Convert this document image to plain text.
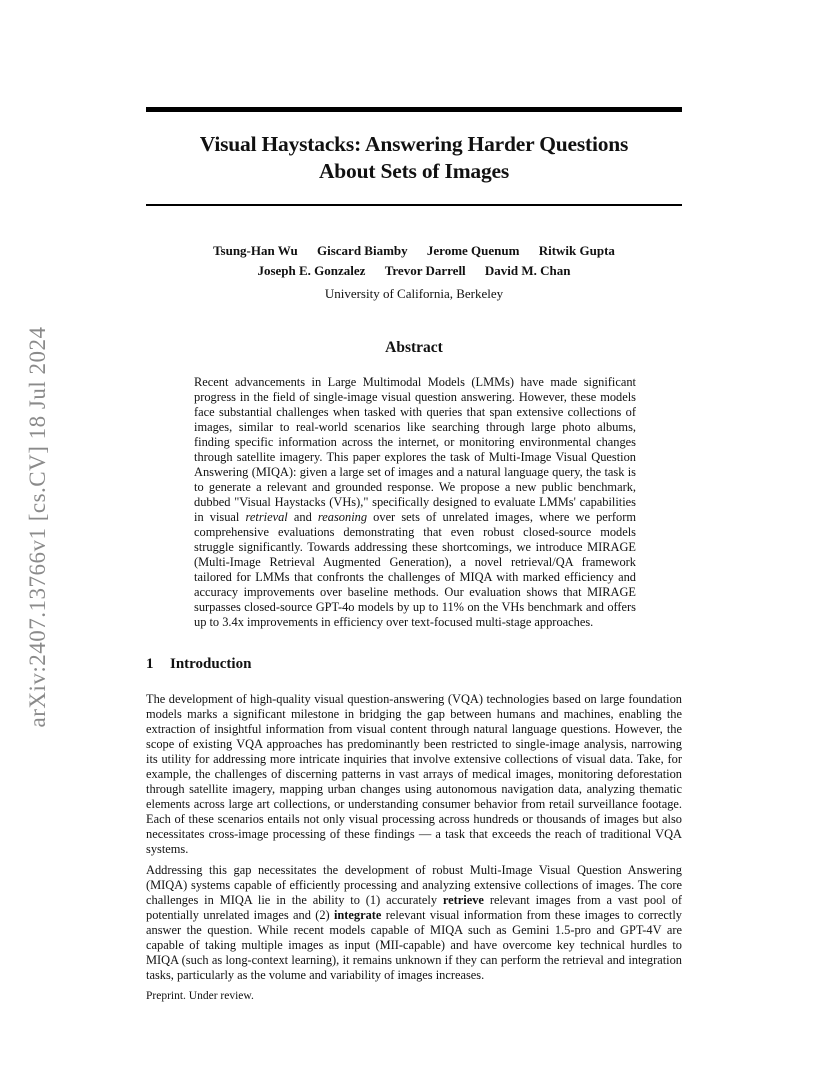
arXiv:2407.13766v1 [cs.CV] 18 Jul 2024
Visual Haystacks: Answering Harder Questions
About Sets of Images
Tsung-Han Wu Giscard Biamby Jerome Quenum Ritwik Gupta
Joseph E. Gonzalez Trevor Darrell David M. Chan
University of California, Berkeley
Abstract

Recent advancements in Large Multimodal Models (LMMs) have made significant progress in the field of single-image visual question answering. However, these models face substantial challenges when tasked with queries that span extensive collections of images, similar to real-world scenarios like searching through large photo albums, finding specific information across the internet, or monitoring environmental changes through satellite imagery. This paper explores the task of Multi-Image Visual Question Answering (MIQA): given a large set of images and a natural language query, the task is to generate a relevant and grounded response. We propose a new public benchmark, dubbed "Visual Haystacks (VHs)," specifically designed to evaluate LMMs' capabilities in visual retrieval and reasoning over sets of unrelated images, where we perform comprehensive evaluations demonstrating that even robust closed-source models struggle significantly. Towards addressing these shortcomings, we introduce MIRAGE (Multi-Image Retrieval Augmented Generation), a novel retrieval/QA framework tailored for LMMs that confronts the challenges of MIQA with marked efficiency and accuracy improvements over baseline methods. Our evaluation shows that MIRAGE surpasses closed-source GPT-4o models by up to 11% on the VHs benchmark and offers up to 3.4x improvements in efficiency over text-focused multi-stage approaches.

1 Introduction

The development of high-quality visual question-answering (VQA) technologies based on large foundation models marks a significant milestone in bridging the gap between humans and machines, enabling the extraction of insightful information from visual content through natural language questions. However, the scope of existing VQA approaches has predominantly been restricted to single-image analysis, narrowing its utility for addressing more intricate inquiries that involve extensive collections of visual data. Take, for example, the challenges of discerning patterns in vast arrays of medical images, monitoring deforestation through satellite imagery, mapping urban changes using autonomous navigation data, analyzing thematic elements across large art collections, or understanding consumer behavior from retail surveillance footage. Each of these scenarios entails not only visual processing across hundreds or thousands of images but also necessitates cross-image processing of these findings — a task that exceeds the reach of traditional VQA systems.

Addressing this gap necessitates the development of robust Multi-Image Visual Question Answering (MIQA) systems capable of efficiently processing and analyzing extensive collections of images. The core challenges in MIQA lie in the ability to (1) accurately retrieve relevant images from a vast pool of potentially unrelated images and (2) integrate relevant visual information from these images to correctly answer the question. While recent models capable of MIQA such as Gemini 1.5-pro and GPT-4V are capable of taking multiple images as input (MII-capable) and have overcome key technical hurdles to MIQA (such as long-context learning), it remains unknown if they can perform the retrieval and integration tasks, particularly as the volume and variability of images increases.

Preprint. Under review.
